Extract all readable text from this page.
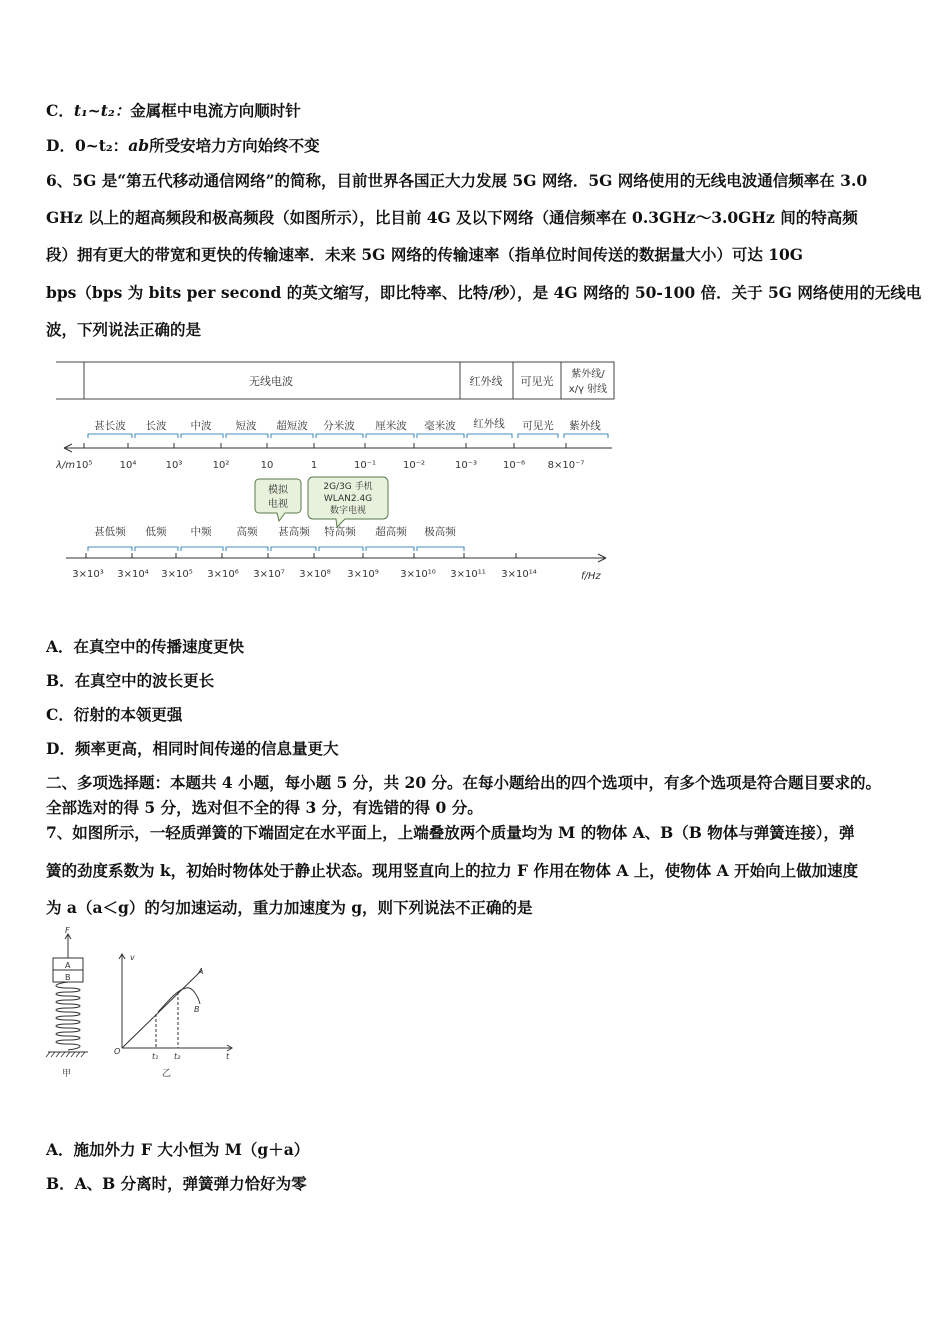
C．t₁~t₂：金属框中电流方向顺时针
D．0~t₂：ab所受安培力方向始终不变
6、5G 是“第五代移动通信网络”的简称，目前世界各国正大力发展 5G 网络．5G 网络使用的无线电波通信频率在 3.0
GHz 以上的超高频段和极高频段（如图所示），比目前 4G 及以下网络（通信频率在 0.3GHz～3.0GHz 间的特高频
段）拥有更大的带宽和更快的传输速率．未来 5G 网络的传输速率（指单位时间传送的数据量大小）可达 10G
bps（bps 为 bits per second 的英文缩写，即比特率、比特/秒），是 4G 网络的 50-100 倍．关于 5G 网络使用的无线电
波，下列说法正确的是
无线电波	红外线 可见光
紫外线/
x/γ 射线
甚长波 长波 中波 短波 超短波 分米波 厘米波 毫米波 红外线 可见光 紫外线
λ/m 10⁵	10⁴	10³	10²	10	1	10⁻¹	10⁻²	10⁻³	10⁻⁶ 8×10⁻⁷
模拟
电视
2G/3G 手机
WLAN2.4G
数字电视
甚低频 低频 中频 高频 甚高频 特高频 超高频 极高频
3×10³ 3×10⁴ 3×10⁵ 3×10⁶ 3×10⁷ 3×10⁸ 3×10⁹ 3×10¹⁰ 3×10¹¹ 3×10¹⁴	f/Hz
A．在真空中的传播速度更快
B．在真空中的波长更长
C．衍射的本领更强
D．频率更高，相同时间传递的信息量更大
二、多项选择题：本题共 4 小题，每小题 5 分，共 20 分。在每小题给出的四个选项中，有多个选项是符合题目要求的。
全部选对的得 5 分，选对但不全的得 3 分，有选错的得 0 分。
7、如图所示，一轻质弹簧的下端固定在水平面上，上端叠放两个质量均为 M 的物体 A、B（B 物体与弹簧连接），弹
簧的劲度系数为 k，初始时物体处于静止状态。现用竖直向上的拉力 F 作用在物体 A 上，使物体 A 开始向上做加速度
为 a（a＜g）的匀加速运动，重力加速度为 g，则下列说法不正确的是
F
A
B
甲
v
t
O
t₁ t₂
A
B
乙
A．施加外力 F 大小恒为 M（g＋a）
B．A、B 分离时，弹簧弹力恰好为零
